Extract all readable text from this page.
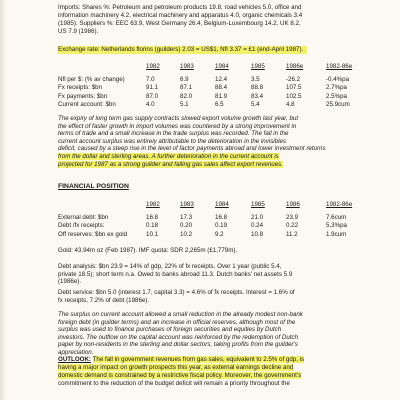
Imports: Shares %: Petroleum and petroleum products 19.8, road vehicles 5.0, office and
information machinery 4.2, electrical machinery and apparatus 4.0, organic chemicals 3.4
(1985). Suppliers %: EEC 63.9, West Germany 26.4, Belgium-Luxembourg 14.2, UK 8.2,
US 7.9 (1986).
Exchange rate: Netherlands florins (guilders) 2.03 = US$1, Nfl 3.37 = £1 (end-April 1987).
1982	1983	1984	1985	1986e	1982-86e
Nfl per $: (% av change)	7.0	6.9	12.4	3.5	-26.2	-0.4%pa
Fx receipts: $bn	91.1	87.1	88.4	88.8	107.5	2.7%pa
Fx payments: $bn	87.0	82.0	81.9	83.4	102.5	2.5%pa
Current account: $bn	4.0	5.1	6.5	5.4	4.8	25.9cum
The expiry of long term gas supply contracts slowed export volume growth last year, but
the effect of faster growth in import volumes was countered by a strong improvement in
terms of trade and a small increase in the trade surplus was recorded. The fall in the
current account surplus was entirely attributable to the deterioration in the invisibles
deficit, caused by a steep rise in the level of factor payments abroad and lower investment returns
from the dollar and sterling areas. A further deterioration in the current account is
projected for 1987 as a strong guilder and falling gas sales affect export revenues.
FINANCIAL POSITION
1982	1983	1984	1985	1986	1982-86e
External debt: $bn	16.8	17.3	16.8	21.0	23.9	7.6cum
Debt /fx receipts:	0.18	0.20	0.19	0.24	0.22	5.3%pa
Off reserves: $bn ex gold	10.1	10.2	9.2	10.8	11.2	1.9cum
Gold: 43.94m oz (Feb 1987). IMF quota: SDR 2,265m (£1,779m).
Debt analysis: $bn 23.9 = 14% of gdp, 22% of fx receipts. Over 1 year (public 5.4,
private 18.5); short term n.a. Owed to banks abroad 11.3. Dutch banks' net assets 5.9
(1986e).
Debt service: $bn 5.0 (interest 1.7, capital 3.3) = 4.6% of fx receipts. Interest = 1.6% of
fx receipts, 7.2% of debt (1986e).
The surplus on current account allowed a small reduction in the already modest non-bank
foreign debt (in guilder terms) and an increase in official reserves, although most of the
surplus was used to finance purchases of foreign securities and equities by Dutch
investors. The outflow on the capital account was reinforced by the redemption of Dutch
paper by non-residents in the sterling and dollar sectors, taking profits from the guilder's
appreciation.
OUTLOOK: The fall in government revenues from gas sales, equivalent to 2.5% of gdp, is
having a major impact on growth prospects this year, as external earnings decline and
domestic demand is constrained by a restrictive fiscal policy. Moreover, the government's
commitment to the reduction of the budget deficit will remain a priority throughout the
